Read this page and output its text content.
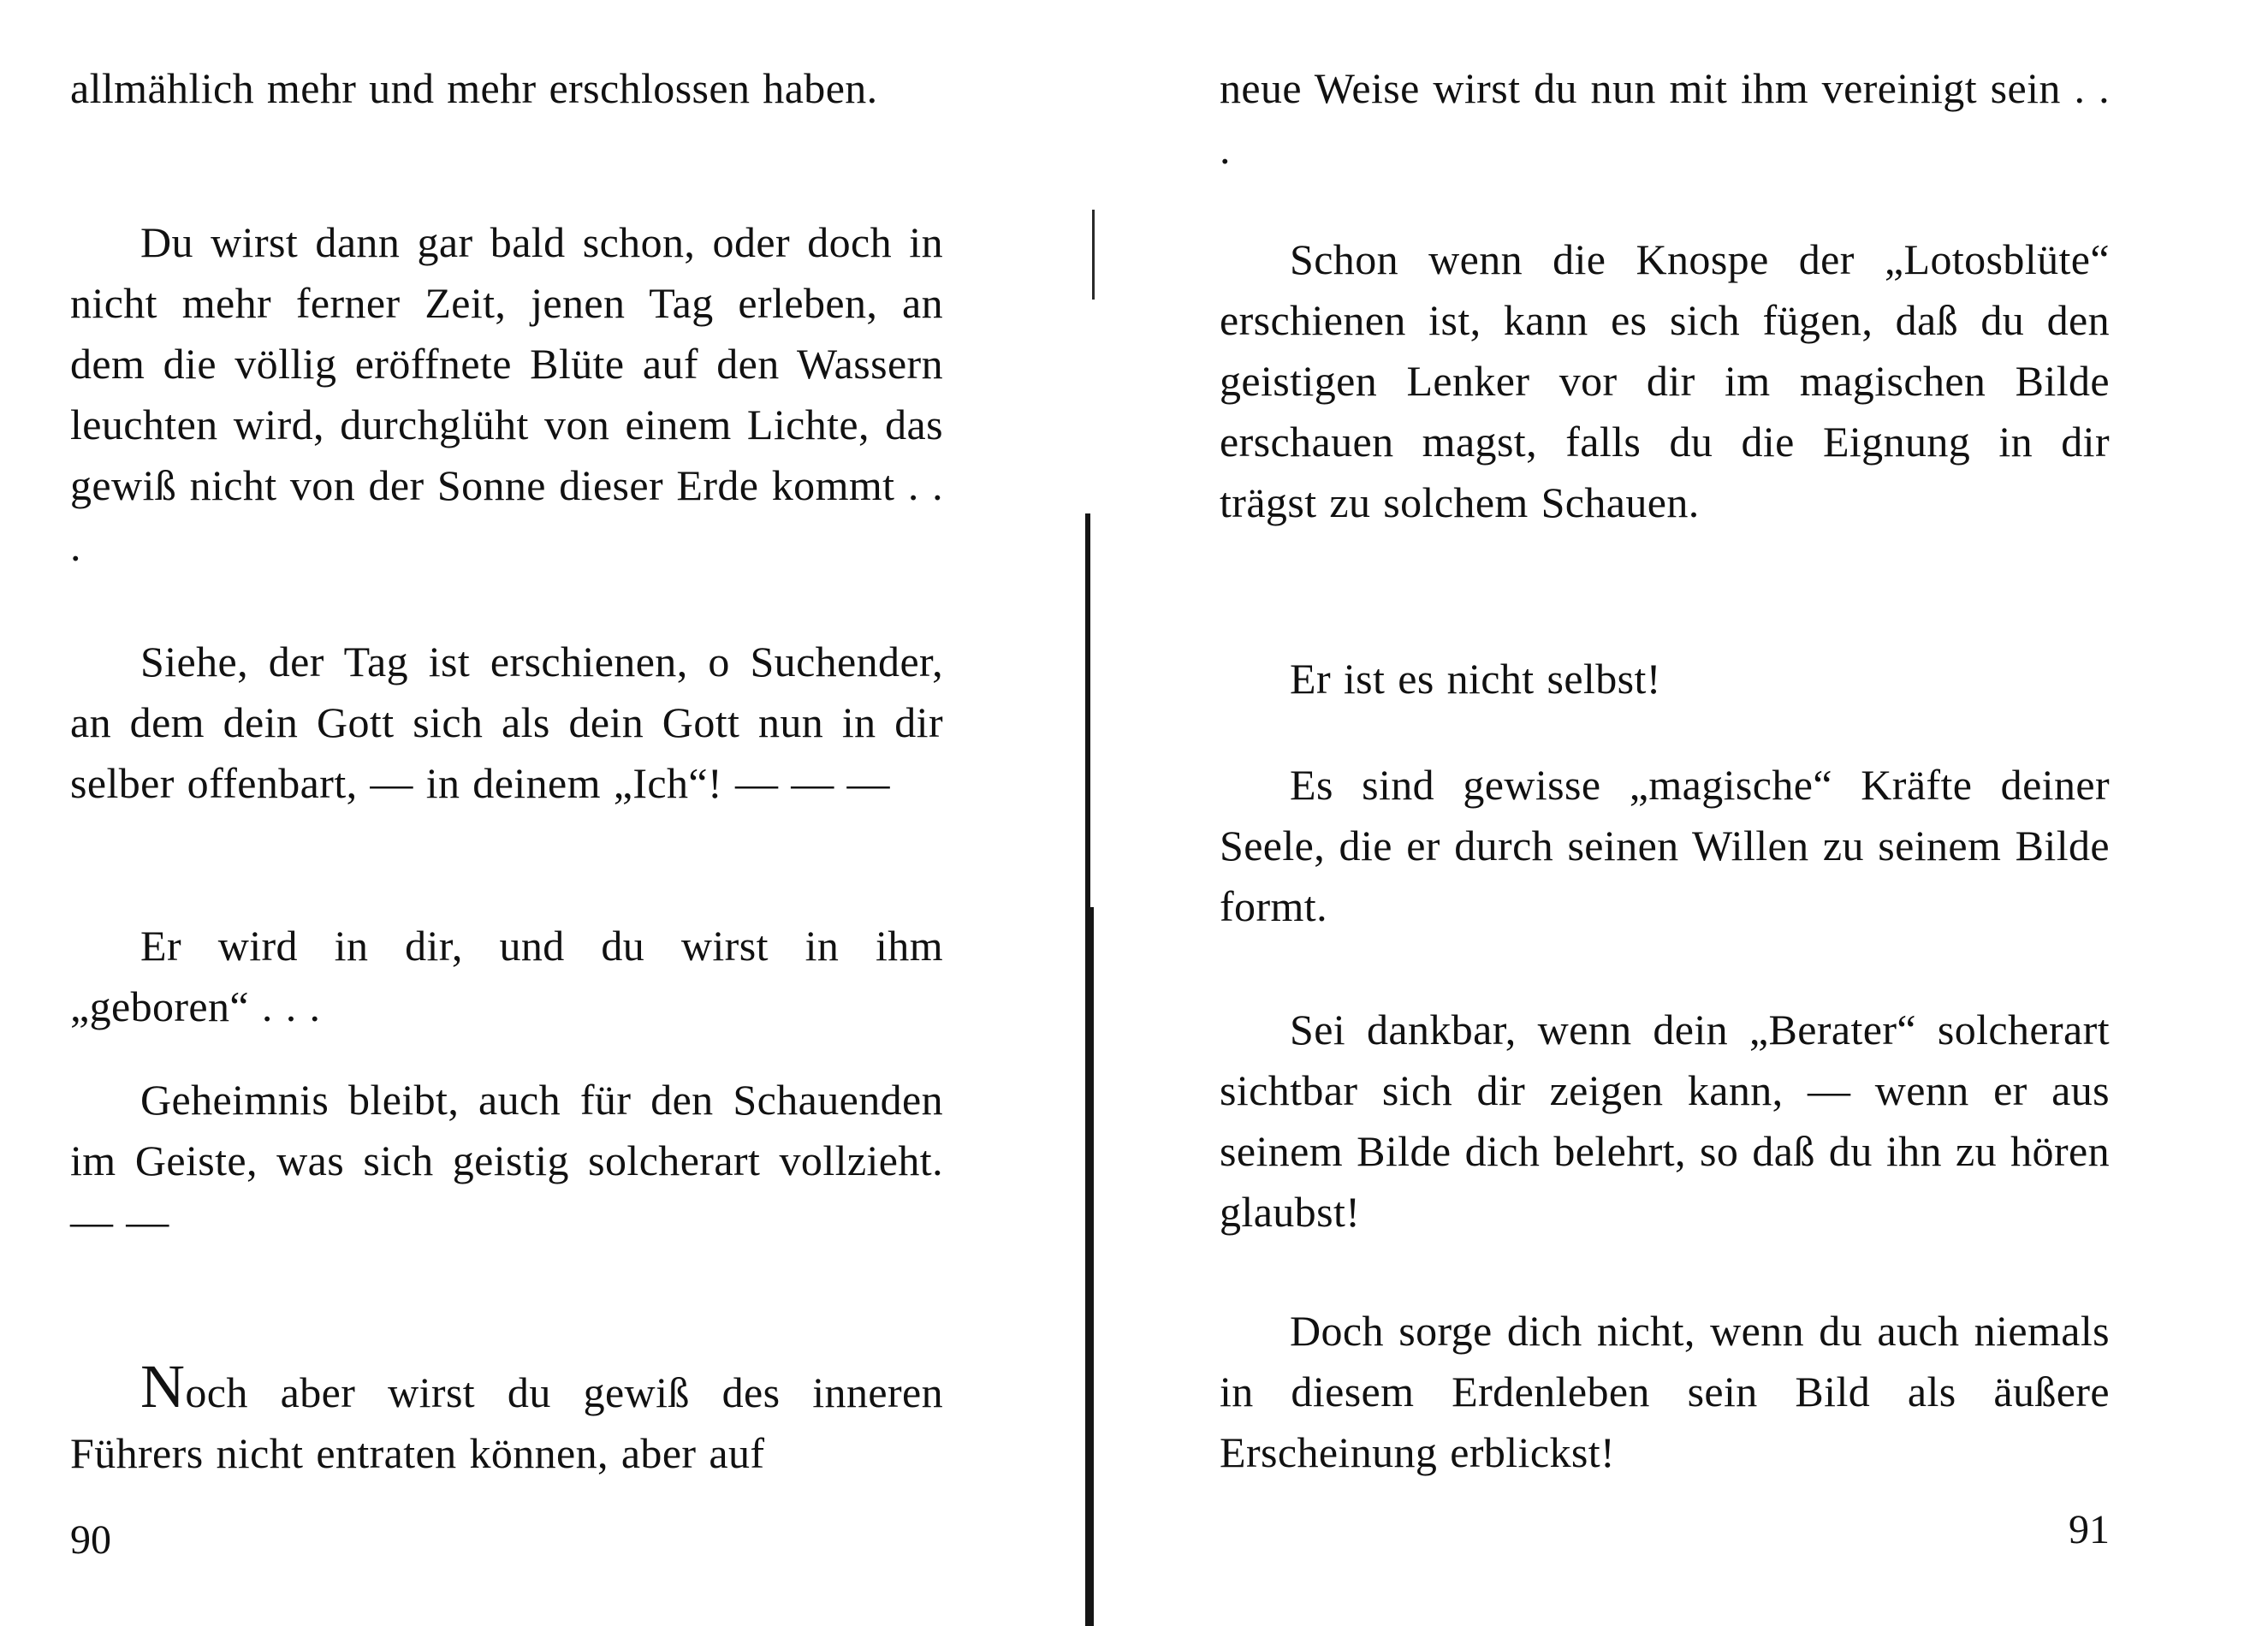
allmählich mehr und mehr erschlossen haben.

Du wirst dann gar bald schon, oder doch in nicht mehr ferner Zeit, jenen Tag erleben, an dem die völlig eröffnete Blüte auf den Wassern leuchten wird, durchglüht von einem Lichte, das gewiß nicht von der Sonne dieser Erde kommt . . .

Siehe, der Tag ist erschienen, o Suchender, an dem dein Gott sich als dein Gott nun in dir selber offenbart, — in deinem „Ich“! — — —

Er wird in dir, und du wirst in ihm „geboren“ . . .

Geheimnis bleibt, auch für den Schauenden im Geiste, was sich geistig solcherart vollzieht. — —

Noch aber wirst du gewiß des inneren Führers nicht entraten können, aber auf

90

neue Weise wirst du nun mit ihm vereinigt sein . . .

Schon wenn die Knospe der „Lotosblüte“ erschienen ist, kann es sich fügen, daß du den geistigen Lenker vor dir im magischen Bilde erschauen magst, falls du die Eignung in dir trägst zu solchem Schauen.

Er ist es nicht selbst!

Es sind gewisse „magische“ Kräfte deiner Seele, die er durch seinen Willen zu seinem Bilde formt.

Sei dankbar, wenn dein „Berater“ solcherart sichtbar sich dir zeigen kann, — wenn er aus seinem Bilde dich belehrt, so daß du ihn zu hören glaubst!

Doch sorge dich nicht, wenn du auch niemals in diesem Erdenleben sein Bild als äußere Erscheinung erblickst!

91
